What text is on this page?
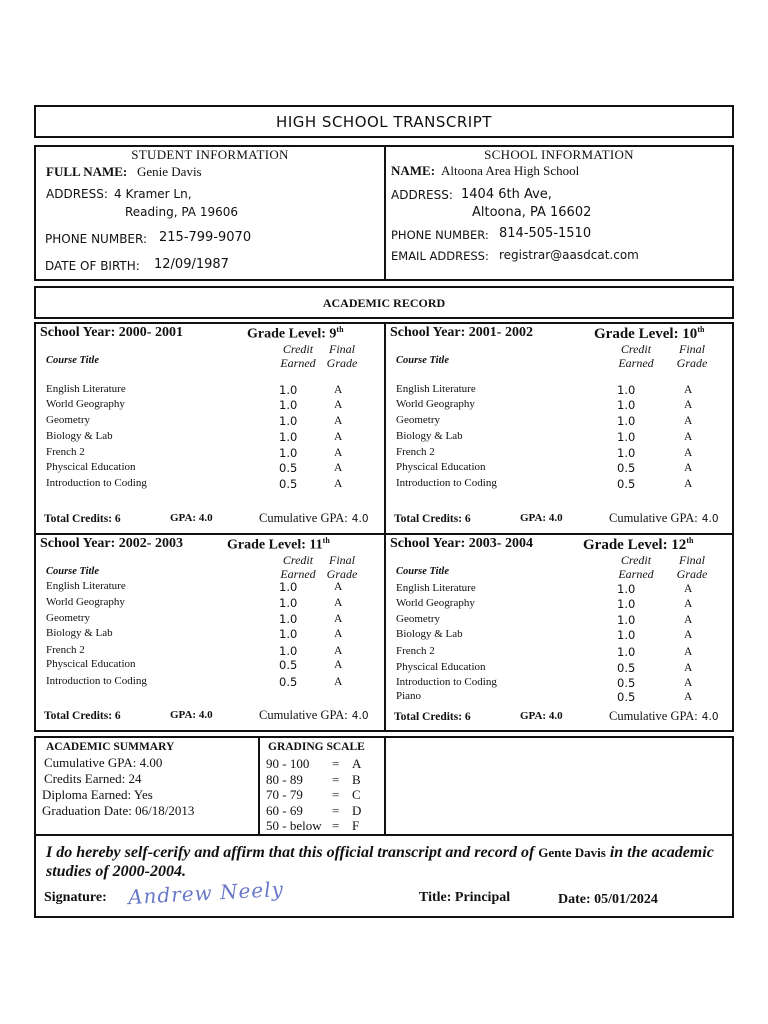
HIGH SCHOOL TRANSCRIPT
STUDENT INFORMATION
FULL NAME: Genie Davis
ADDRESS: 4 Kramer Ln,
Reading, PA 19606
PHONE NUMBER: 215-799-9070
DATE OF BIRTH: 12/09/1987
SCHOOL INFORMATION
NAME: Altoona Area High School
ADDRESS: 1404 6th Ave,
Altoona, PA 16602
PHONE NUMBER: 814-505-1510
EMAIL ADDRESS: registrar@aasdcat.com
ACADEMIC RECORD
School Year: 2000- 2001	Grade Level: 9th
Credit
Earned
Final
Grade
Course Title
English Literature	1.0	A
World Geography	1.0	A
Geometry	1.0	A
Biology & Lab	1.0	A
French 2	1.0	A
Physcical Education	0.5	A
Introduction to Coding	0.5	A
Total Credits: 6	GPA: 4.0	Cumulative GPA: 4.0
School Year: 2001- 2002	Grade Level: 10th
Credit
Earned
Final
Grade
Course Title
English Literature	1.0	A
World Geography	1.0	A
Geometry	1.0	A
Biology & Lab	1.0	A
French 2	1.0	A
Physcical Education	0.5	A
Introduction to Coding	0.5	A
Total Credits: 6	GPA: 4.0	Cumulative GPA: 4.0
School Year: 2002- 2003	Grade Level: 11th
Credit
Earned
Final
Grade
Course Title
English Literature	1.0	A
World Geography	1.0	A
Geometry	1.0	A
Biology & Lab	1.0	A
French 2	1.0	A
Physcical Education	0.5	A
Introduction to Coding	0.5	A
Total Credits: 6	GPA: 4.0	Cumulative GPA: 4.0
School Year: 2003- 2004	Grade Level: 12th
Credit
Earned
Final
Grade
Course Title
English Literature	1.0	A
World Geography	1.0	A
Geometry	1.0	A
Biology & Lab	1.0	A
French 2	1.0	A
Physcical Education	0.5	A
Introduction to Coding	0.5	A
Piano	0.5	A
Total Credits: 6	GPA: 4.0	Cumulative GPA: 4.0
ACADEMIC SUMMARY
Cumulative GPA: 4.00
Credits Earned: 24
Diploma Earned: Yes
Graduation Date: 06/18/2013
GRADING SCALE
90 - 100 = A
80 - 89 = B
70 - 79 = C
60 - 69 = D
50 - below = F
I do hereby self-cerify and affirm that this official transcript and record of Gente Davis in the academic studies of 2000-2004.
Signature: Andrew Neely	Title: Principal	Date: 05/01/2024
